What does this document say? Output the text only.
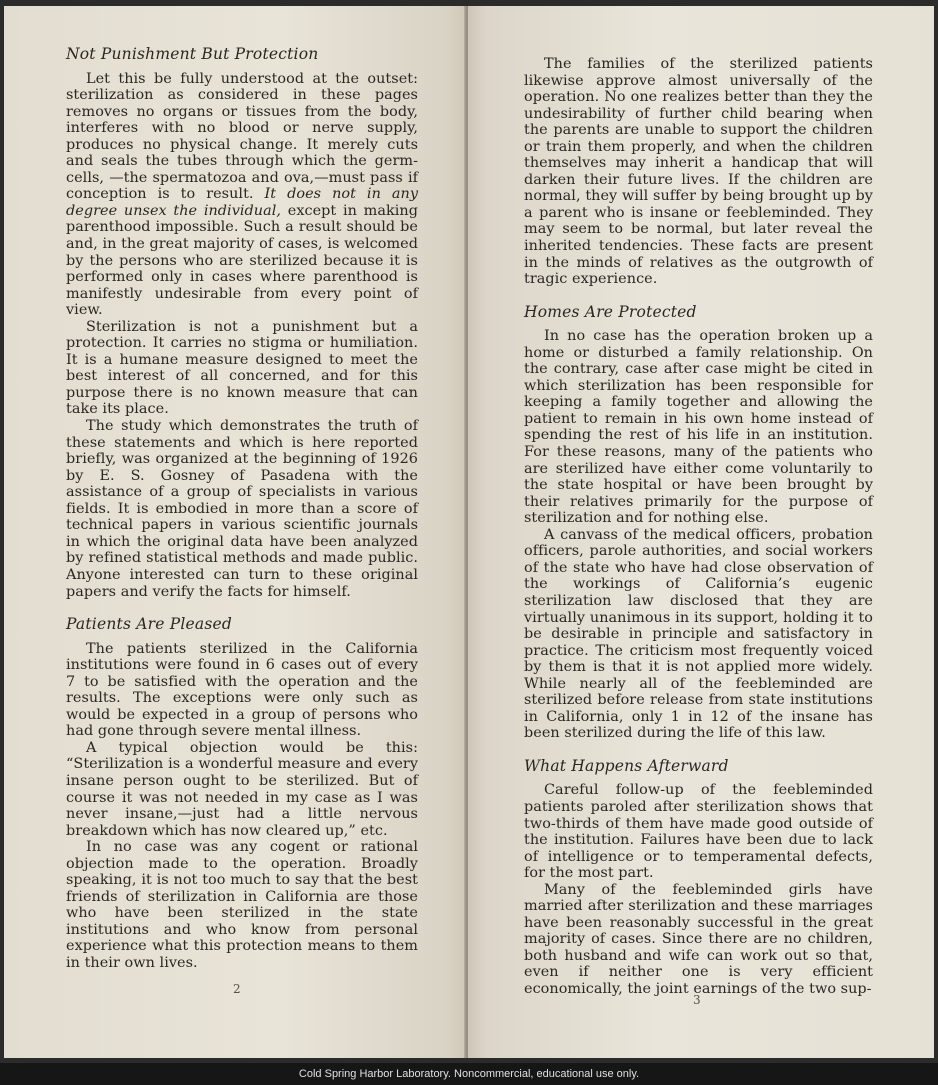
Not Punishment But Protection

Let this be fully understood at the outset: sterilization as considered in these pages removes no organs or tissues from the body, interferes with no blood or nerve supply, produces no physical change. It merely cuts and seals the tubes through which the germ-cells, —the spermatozoa and ova,—must pass if conception is to result. It does not in any degree unsex the individual, except in making parenthood impossible. Such a result should be and, in the great majority of cases, is welcomed by the persons who are sterilized because it is performed only in cases where parenthood is manifestly undesirable from every point of view.

Sterilization is not a punishment but a protection. It carries no stigma or humiliation. It is a humane measure designed to meet the best interest of all concerned, and for this purpose there is no known measure that can take its place.

The study which demonstrates the truth of these statements and which is here reported briefly, was organized at the beginning of 1926 by E. S. Gosney of Pasadena with the assistance of a group of specialists in various fields. It is embodied in more than a score of technical papers in various scientific journals in which the original data have been analyzed by refined statistical methods and made public. Anyone interested can turn to these original papers and verify the facts for himself.

Patients Are Pleased

The patients sterilized in the California institutions were found in 6 cases out of every 7 to be satisfied with the operation and the results. The exceptions were only such as would be expected in a group of persons who had gone through severe mental illness.

A typical objection would be this: “Sterilization is a wonderful measure and every insane person ought to be sterilized. But of course it was not needed in my case as I was never insane,—just had a little nervous breakdown which has now cleared up,” etc.

In no case was any cogent or rational objection made to the operation. Broadly speaking, it is not too much to say that the best friends of sterilization in California are those who have been sterilized in the state institutions and who know from personal experience what this protection means to them in their own lives.

2

The families of the sterilized patients likewise approve almost universally of the operation. No one realizes better than they the undesirability of further child bearing when the parents are unable to support the children or train them properly, and when the children themselves may inherit a handicap that will darken their future lives. If the children are normal, they will suffer by being brought up by a parent who is insane or feebleminded. They may seem to be normal, but later reveal the inherited tendencies. These facts are present in the minds of relatives as the outgrowth of tragic experience.

Homes Are Protected

In no case has the operation broken up a home or disturbed a family relationship. On the contrary, case after case might be cited in which sterilization has been responsible for keeping a family together and allowing the patient to remain in his own home instead of spending the rest of his life in an institution. For these reasons, many of the patients who are sterilized have either come voluntarily to the state hospital or have been brought by their relatives primarily for the purpose of sterilization and for nothing else.

A canvass of the medical officers, probation officers, parole authorities, and social workers of the state who have had close observation of the workings of California’s eugenic sterilization law disclosed that they are virtually unanimous in its support, holding it to be desirable in principle and satisfactory in practice. The criticism most frequently voiced by them is that it is not applied more widely. While nearly all of the feebleminded are sterilized before release from state institutions in California, only 1 in 12 of the insane has been sterilized during the life of this law.

What Happens Afterward

Careful follow-up of the feebleminded patients paroled after sterilization shows that two-thirds of them have made good outside of the institution. Failures have been due to lack of intelligence or to temperamental defects, for the most part.

Many of the feebleminded girls have married after sterilization and these marriages have been reasonably successful in the great majority of cases. Since there are no children, both husband and wife can work out so that, even if neither one is very efficient economically, the joint earnings of the two sup-

3
Cold Spring Harbor Laboratory. Noncommercial, educational use only.
